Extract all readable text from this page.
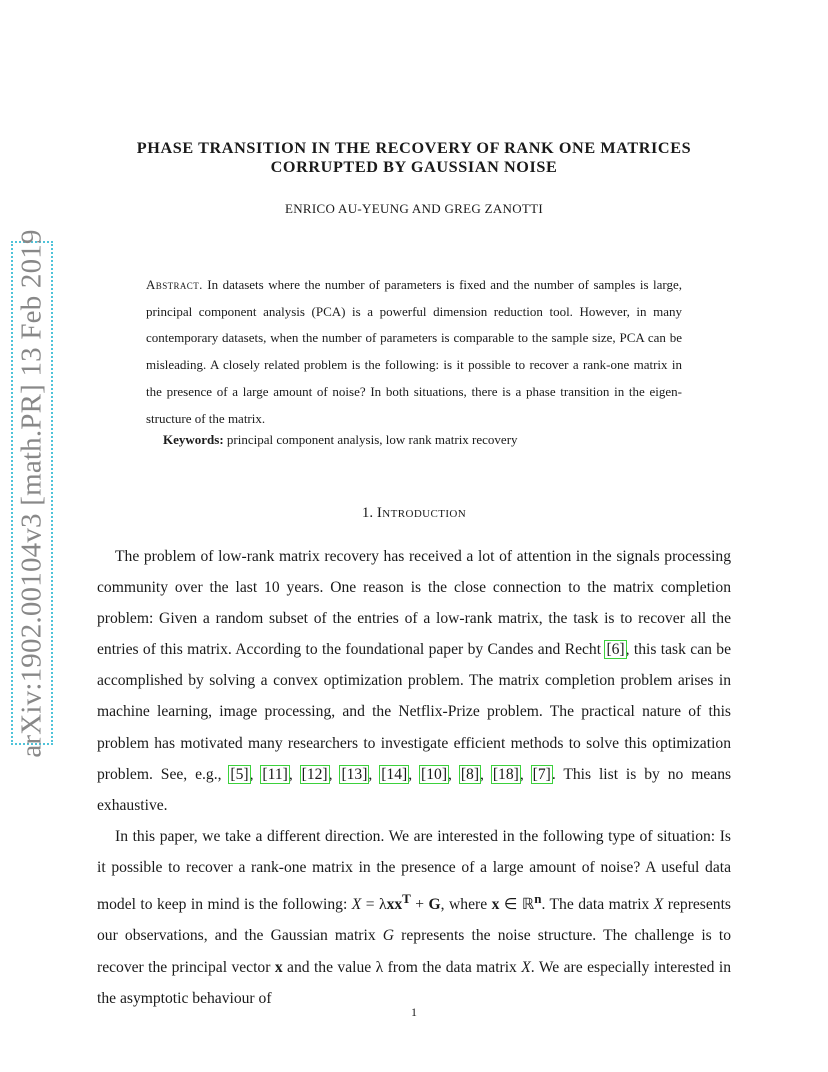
arXiv:1902.00104v3 [math.PR] 13 Feb 2019
PHASE TRANSITION IN THE RECOVERY OF RANK ONE MATRICES
CORRUPTED BY GAUSSIAN NOISE
ENRICO AU-YEUNG AND GREG ZANOTTI
Abstract. In datasets where the number of parameters is fixed and the number of samples is large, principal component analysis (PCA) is a powerful dimension reduction tool. However, in many contemporary datasets, when the number of parameters is comparable to the sample size, PCA can be misleading. A closely related problem is the following: is it possible to recover a rank-one matrix in the presence of a large amount of noise? In both situations, there is a phase transition in the eigen-structure of the matrix.
Keywords: principal component analysis, low rank matrix recovery
1. Introduction

The problem of low-rank matrix recovery has received a lot of attention in the signals processing community over the last 10 years. One reason is the close connection to the matrix completion problem: Given a random subset of the entries of a low-rank matrix, the task is to recover all the entries of this matrix. According to the foundational paper by Candes and Recht [6], this task can be accomplished by solving a convex optimization problem. The matrix completion problem arises in machine learning, image processing, and the Netflix-Prize problem. The practical nature of this problem has motivated many researchers to investigate efficient methods to solve this optimization problem. See, e.g., [5], [11], [12], [13], [14], [10], [8], [18], [7]. This list is by no means exhaustive.

In this paper, we take a different direction. We are interested in the following type of situation: Is it possible to recover a rank-one matrix in the presence of a large amount of noise? A useful data model to keep in mind is the following: X = λxx$^T$ + G, where x ∈ ℝ$^n$. The data matrix X represents our observations, and the Gaussian matrix G represents the noise structure. The challenge is to recover the principal vector x and the value λ from the data matrix X. We are especially interested in the asymptotic behaviour of

1
